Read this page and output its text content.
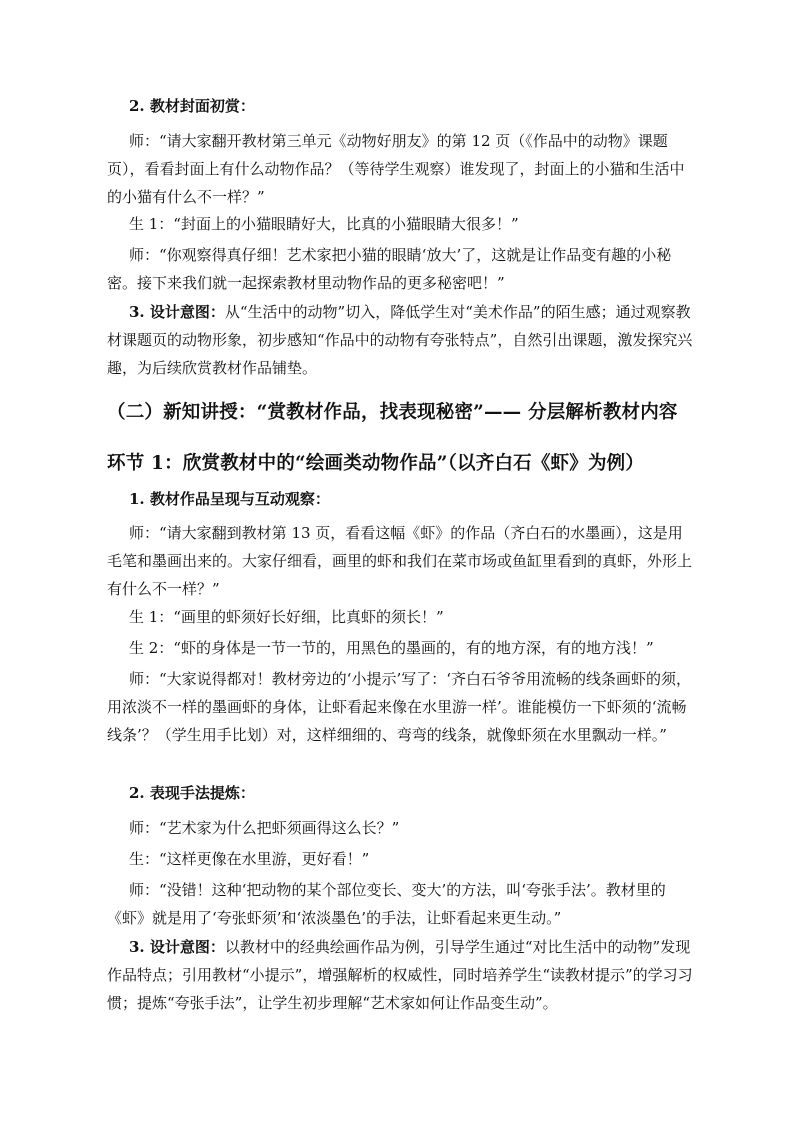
2. 教材封面初赏：

师：“请大家翻开教材第三单元《动物好朋友》的第 12 页（《作品中的动物》课题页），看看封面上有什么动物作品？（等待学生观察）谁发现了，封面上的小猫和生活中的小猫有什么不一样？”

生 1：“封面上的小猫眼睛好大，比真的小猫眼睛大很多！”

师：“你观察得真仔细！艺术家把小猫的眼睛‘放大’了，这就是让作品变有趣的小秘密。接下来我们就一起探索教材里动物作品的更多秘密吧！”

3. 设计意图：从“生活中的动物”切入，降低学生对“美术作品”的陌生感；通过观察教材课题页的动物形象，初步感知“作品中的动物有夸张特点”，自然引出课题，激发探究兴趣，为后续欣赏教材作品铺垫。

（二）新知讲授：“赏教材作品，找表现秘密”—— 分层解析教材内容

环节 1：欣赏教材中的“绘画类动物作品”（以齐白石《虾》为例）

1. 教材作品呈现与互动观察：

师：“请大家翻到教材第 13 页，看看这幅《虾》的作品（齐白石的水墨画），这是用毛笔和墨画出来的。大家仔细看，画里的虾和我们在菜市场或鱼缸里看到的真虾，外形上有什么不一样？”

生 1：“画里的虾须好长好细，比真虾的须长！”

生 2：“虾的身体是一节一节的，用黑色的墨画的，有的地方深，有的地方浅！”

师：“大家说得都对！教材旁边的‘小提示’写了：‘齐白石爷爷用流畅的线条画虾的须，用浓淡不一样的墨画虾的身体，让虾看起来像在水里游一样’。谁能模仿一下虾须的‘流畅线条’？（学生用手比划）对，这样细细的、弯弯的线条，就像虾须在水里飘动一样。”

2. 表现手法提炼：

师：“艺术家为什么把虾须画得这么长？”

生：“这样更像在水里游，更好看！”

师：“没错！这种‘把动物的某个部位变长、变大’的方法，叫‘夸张手法’。教材里的《虾》就是用了‘夸张虾须’和‘浓淡墨色’的手法，让虾看起来更生动。”

3. 设计意图：以教材中的经典绘画作品为例，引导学生通过“对比生活中的动物”发现作品特点；引用教材“小提示”，增强解析的权威性，同时培养学生“读教材提示”的学习习惯；提炼“夸张手法”，让学生初步理解“艺术家如何让作品变生动”。
